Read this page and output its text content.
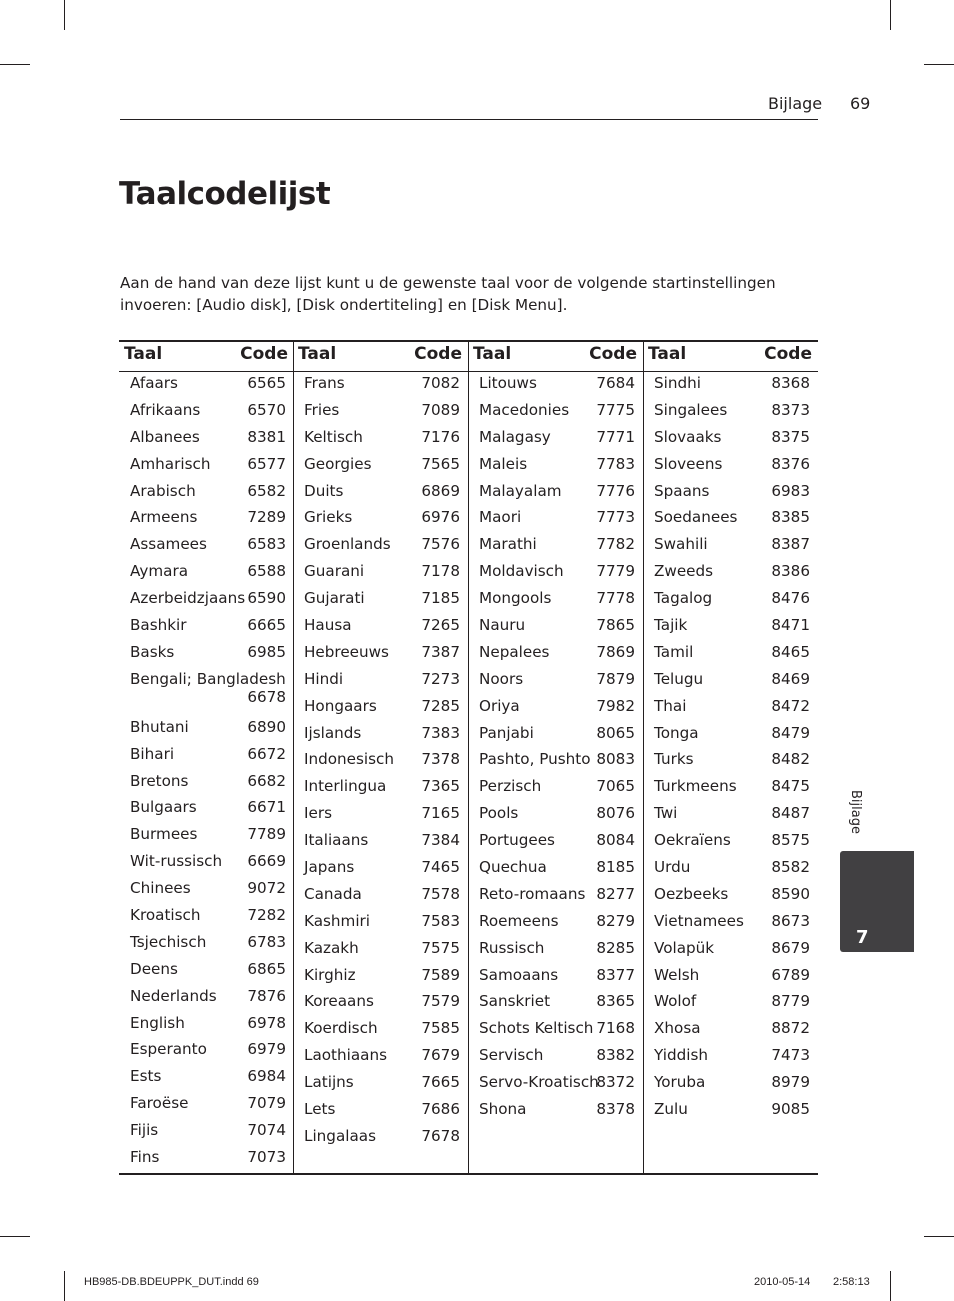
Bijlage 69
Taalcodelijst

Aan de hand van deze lijst kunt u de gewenste taal voor de volgende startinstellingen invoeren: [Audio disk], [Disk ondertiteling] en [Disk Menu].

Taal	Code
Afaars	6565
Afrikaans	6570
Albanees	8381
Amharisch 6577
Arabisch	6582
Armeens	7289
Assamees	6583
Aymara	6588
Azerbeidzjaans 6590
Bashkir	6665
Basks	6985
Bengali; Bangladesh
6678
Bhutani	6890
Bihari	6672
Bretons	6682
Bulgaars	6671
Burmees	7789
Wit-russisch 6669
Chinees	9072
Kroatisch	7282
Tsjechisch	6783
Deens	6865
Nederlands 7876
English	6978
Esperanto	6979
Ests	6984
Faroëse	7079
Fijis	7074
Fins	7073
Taal	Code
Frans	7082
Fries	7089
Keltisch	7176
Georgies	7565
Duits	6869
Grieks	6976
Groenlands 7576
Guarani	7178
Gujarati	7185
Hausa	7265
Hebreeuws 7387
Hindi	7273
Hongaars	7285
Ijslands	7383
Indonesisch 7378
Interlingua 7365
Iers	7165
Italiaans	7384
Japans	7465
Canada	7578
Kashmiri	7583
Kazakh	7575
Kirghiz	7589
Koreaans	7579
Koerdisch	7585
Laothiaans 7679
Latijns	7665
Lets	7686
Lingalaas	7678
Taal	Code
Litouws	7684
Macedonies 7775
Malagasy	7771
Maleis	7783
Malayalam 7776
Maori	7773
Marathi	7782
Moldavisch 7779
Mongools	7778
Nauru	7865
Nepalees	7869
Noors	7879
Oriya	7982
Panjabi	8065
Pashto, Pushto 8083
Perzisch	7065
Pools	8076
Portugees	8084
Quechua	8185
Reto-romaans 8277
Roemeens 8279
Russisch	8285
Samoaans	8377
Sanskriet	8365
Schots Keltisch 7168
Servisch	8382
Servo-Kroatisch
8372
Shona	8378
Taal	Code
Sindhi	8368
Singalees	8373
Slovaaks	8375
Sloveens	8376
Spaans	6983
Soedanees 8385
Swahili	8387
Zweeds	8386
Tagalog	8476
Tajik	8471
Tamil	8465
Telugu	8469
Thai	8472
Tonga	8479
Turks	8482
Turkmeens 8475
Twi	8487
Oekraïens	8575
Urdu	8582
Oezbeeks	8590
Vietnamees 8673
Volapük	8679
Welsh	6789
Wolof	8779
Xhosa	8872
Yiddish	7473
Yoruba	8979
Zulu	9085
Bijlage
7
HB985-DB.BDEUPPK_DUT.indd 69	2010-05-14 2:58:13
